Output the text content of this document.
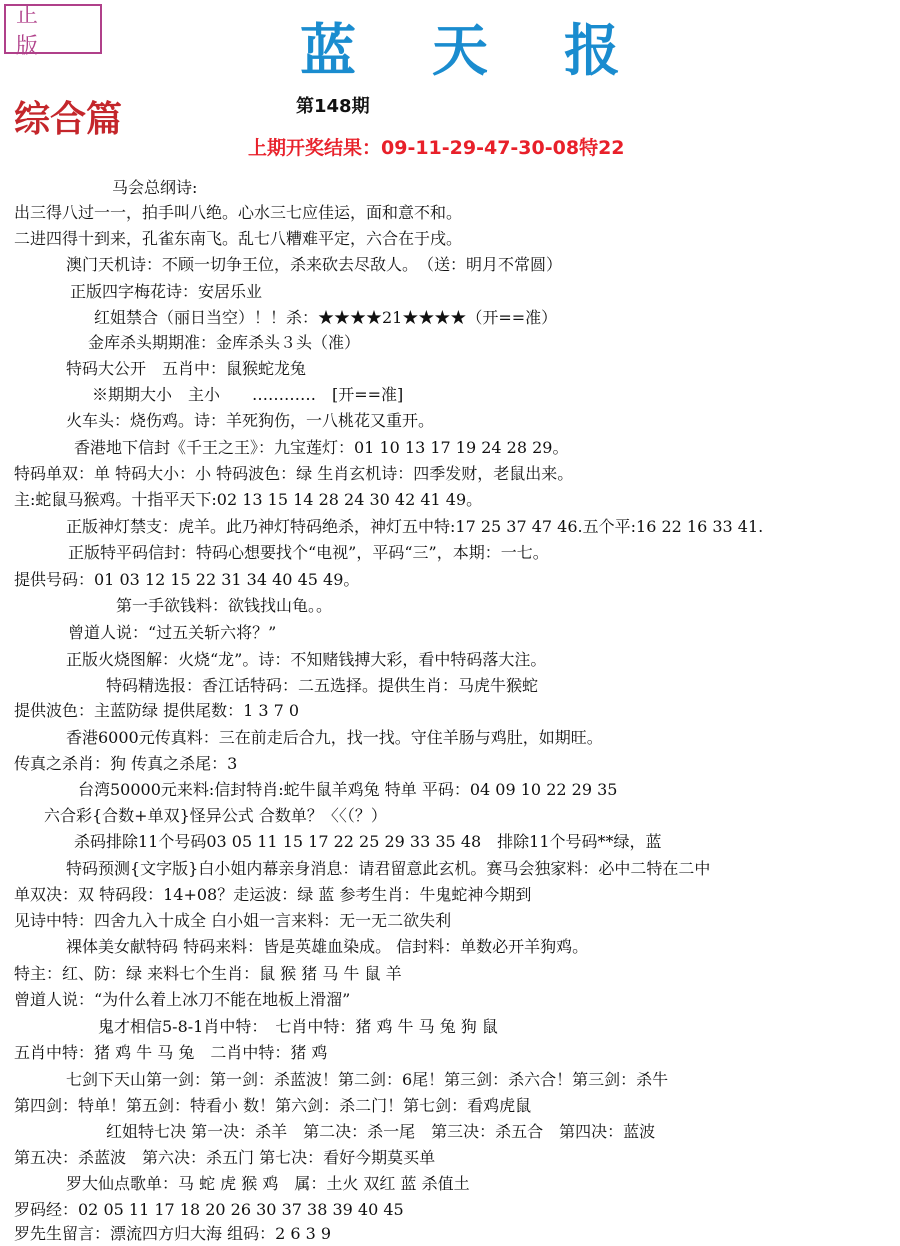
正 版	蓝 天 报
综合篇	第148期
上期开奖结果：09-11-29-47-30-08特22
马会总纲诗:
出三得八过一一，拍手叫八绝。心水三七应佳运，面和意不和。
二进四得十到来，孔雀东南飞。乱七八糟难平定，六合在于戌。
澳门天机诗：不顾一切争王位，杀来砍去尽敌人。　（送：明月不常圆）
正版四字梅花诗：安居乐业
红姐禁合（丽日当空）！！杀：★★★★21★★★★（开==准）
金库杀头期期准：金库杀头３头（准）
特码大公开　五肖中：鼠猴蛇龙兔
※期期大小　主小　　…………　[开==准]
火车头：烧伤鸡。诗：羊死狗伤，一八桃花又重开。
香港地下信封《千王之王》：九宝莲灯：01 10 13 17 19 24 28 29。
特码单双：单 特码大小：小 特码波色：绿 生肖玄机诗：四季发财，老鼠出来。
主:蛇鼠马猴鸡。十指平天下:02 13 15 14 28 24 30 42 41 49。
正版神灯禁支：虎羊。此乃神灯特码绝杀，神灯五中特:17 25 37 47 46.五个平:16 22 16 33 41.
正版特平码信封：特码心想要找个“电视”，平码“三”，本期：一七。
提供号码：01 03 12 15 22 31 34 40 45 49。
第一手欲钱料：欲钱找山龟。。
曾道人说：“过五关斩六将？”
正版火烧图解：火烧“龙”。诗：不知赌钱搏大彩，看中特码落大注。
特码精选报：香江话特码：二五选择。提供生肖：马虎牛猴蛇
提供波色：主蓝防绿 提供尾数：1 3 7 0
香港6000元传真料：三在前走后合九，找一找。守住羊肠与鸡肚，如期旺。
传真之杀肖：狗 传真之杀尾：3
台湾50000元来料:信封特肖:蛇牛鼠羊鸡兔 特单 平码：04 09 10 22 29 35
六合彩{合数+单双}怪异公式 合数单？〈〈（？）
杀码排除11个号码03 05 11 15 17 22 25 29 33 35 48　排除11个号码**绿，蓝
特码预测{文字版}白小姐内幕亲身消息：请君留意此玄机。赛马会独家料：必中二特在二中
单双决：双 特码段：14+08？走运波：绿 蓝 参考生肖：牛鬼蛇神今期到
见诗中特：四舍九入十成全 白小姐一言来料：无一无二欲失利
裸体美女献特码 特码来料：皆是英雄血染成。 信封料：单数必开羊狗鸡。
特主：红、防：绿 来料七个生肖：鼠 猴 猪 马 牛 鼠 羊
曾道人说：“为什么着上冰刀不能在地板上滑溜”
鬼才相信5-8-1肖中特：　七肖中特：猪 鸡 牛 马 兔 狗 鼠
五肖中特：猪 鸡 牛 马 兔　二肖中特：猪 鸡
七剑下天山第一剑：第一剑：杀蓝波！第二剑：6尾！第三剑：杀六合！第三剑：杀牛
第四剑：特单！第五剑：特看小 数！第六剑：杀二门！第七剑：看鸡虎鼠
红姐特七决 第一决：杀羊　第二决：杀一尾　第三决：杀五合　第四决：蓝波
第五决：杀蓝波　第六决：杀五门 第七决：看好今期莫买单
罗大仙点歌单：马 蛇 虎 猴 鸡　属：土火 双红 蓝 杀值土
罗码经：02 05 11 17 18 20 26 30 37 38 39 40 45
罗先生留言：漂流四方归大海 组码：2 6 3 9
